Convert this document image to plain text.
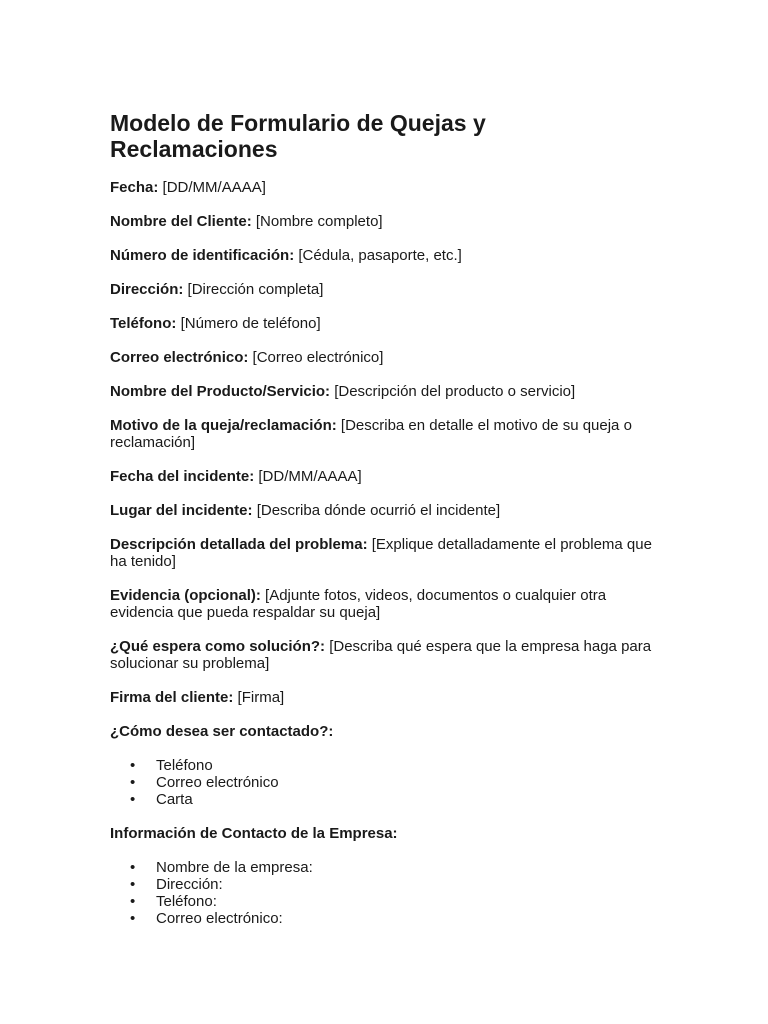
Modelo de Formulario de Quejas y Reclamaciones

Fecha: [DD/MM/AAAA]

Nombre del Cliente: [Nombre completo]

Número de identificación: [Cédula, pasaporte, etc.]

Dirección: [Dirección completa]

Teléfono: [Número de teléfono]

Correo electrónico: [Correo electrónico]

Nombre del Producto/Servicio: [Descripción del producto o servicio]

Motivo de la queja/reclamación: [Describa en detalle el motivo de su queja o reclamación]

Fecha del incidente: [DD/MM/AAAA]

Lugar del incidente: [Describa dónde ocurrió el incidente]

Descripción detallada del problema: [Explique detalladamente el problema que ha tenido]

Evidencia (opcional): [Adjunte fotos, videos, documentos o cualquier otra evidencia que pueda respaldar su queja]

¿Qué espera como solución?: [Describa qué espera que la empresa haga para solucionar su problema]

Firma del cliente: [Firma]

¿Cómo desea ser contactado?:

• Teléfono
• Correo electrónico
• Carta

Información de Contacto de la Empresa:

• Nombre de la empresa:
• Dirección:
• Teléfono:
• Correo electrónico:
